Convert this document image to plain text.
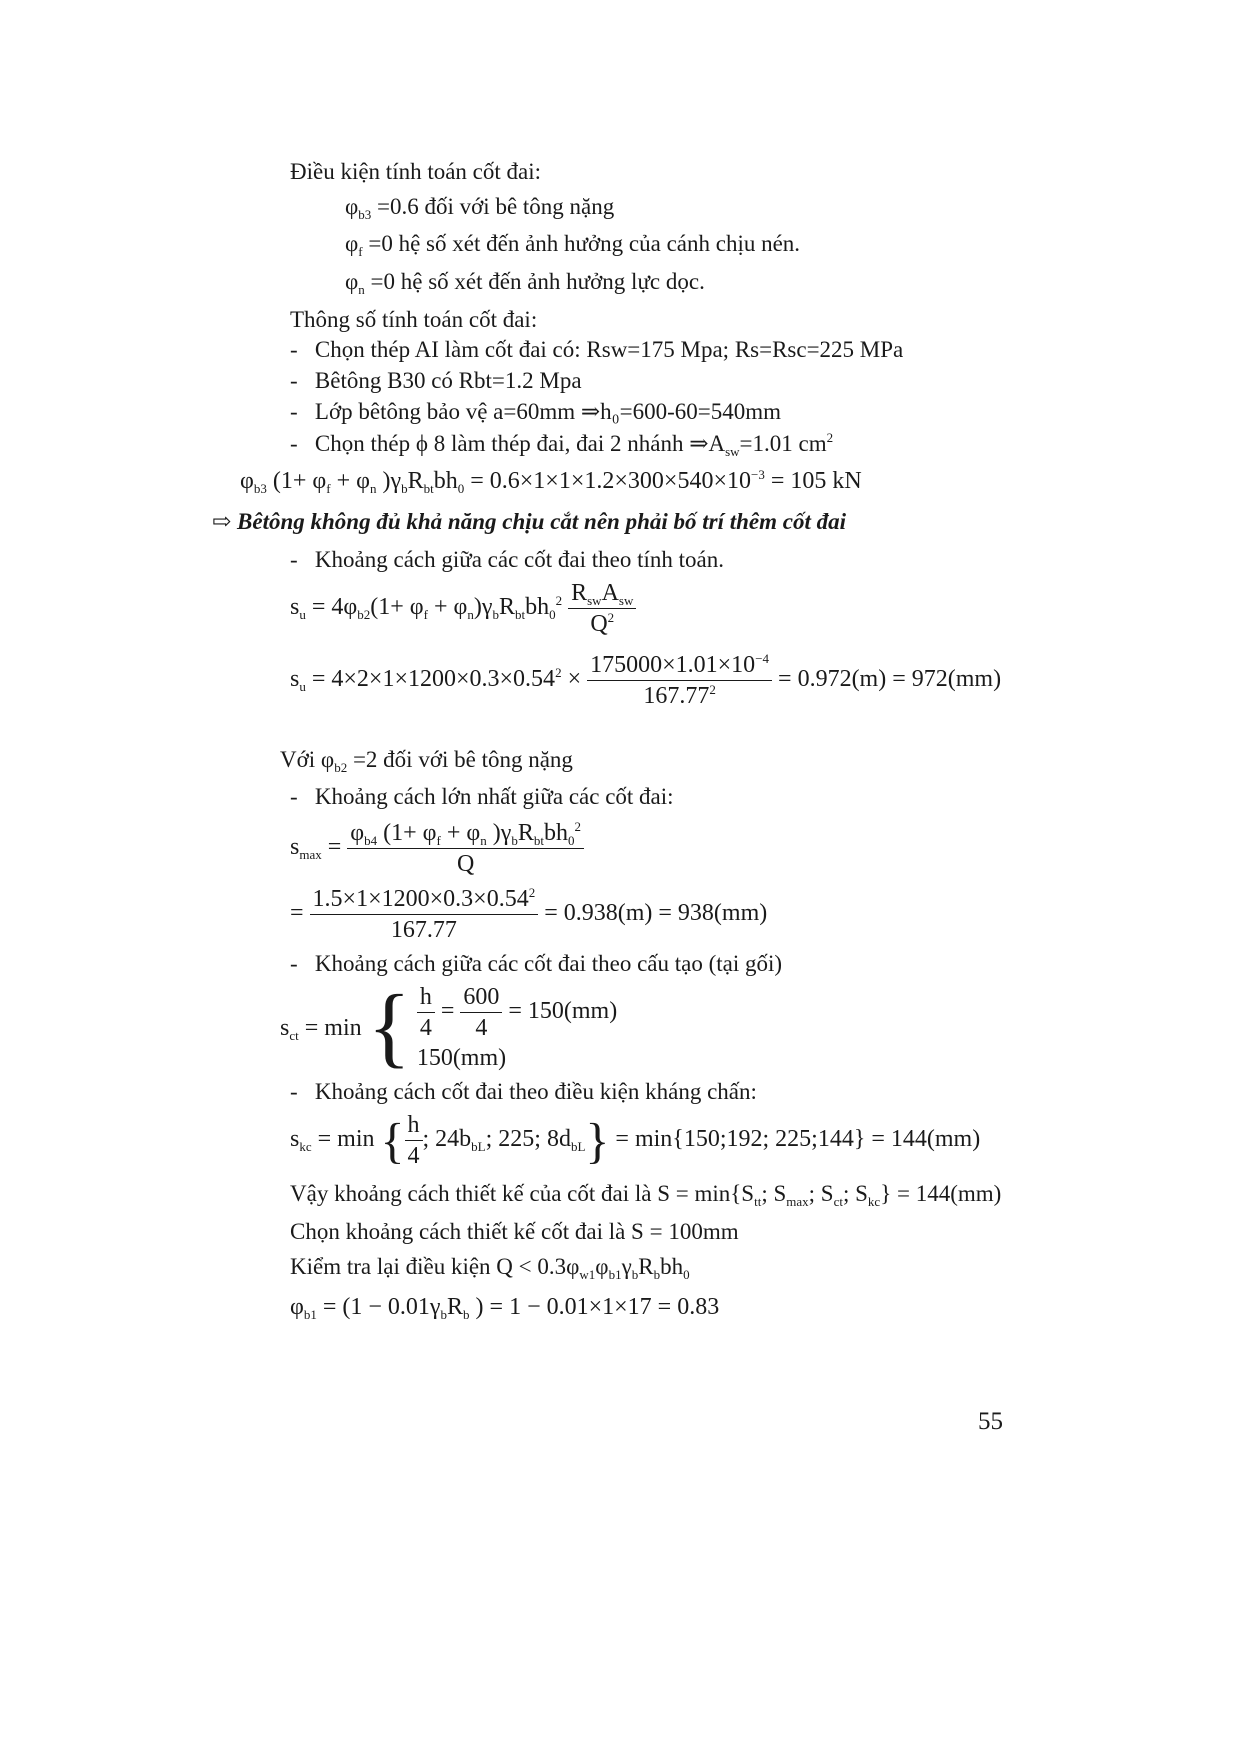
Điều kiện tính toán cốt đai:
$\varphi_{b3} =0.6$ đối với bê tông nặng
$\varphi_f =0$ hệ số xét đến ảnh hưởng của cánh chịu nén.
$\varphi_n =0$ hệ số xét đến ảnh hưởng lực dọc.
Thông số tính toán cốt đai:
-   Chọn thép AI làm cốt đai có: Rsw=175 Mpa; Rs=Rsc=225 MPa
-   Bêtông B30 có Rbt=1.2 Mpa
-   Lớp bêtông bảo vệ a=60mm ⇒h₀=600-60=540mm
-   Chọn thép ϕ 8 làm thép đai, đai 2 nhánh $\Rightarrow A_{sw}=1.01$ $cm^2$
$\varphi_{b3}$ ($1+ \varphi_f + \varphi_n$ )$\gamma_bR_{bt}bh_0 = 0.6\times 1\times 1\times 1.2\times 300\times 540\times 10^{-3} = 105$ kN
⇨ Bêtông không đủ khả năng chịu cắt nên phải bố trí thêm cốt đai
-   Khoảng cách giữa các cốt đai theo tính toán.
$s_u = 4\varphi_{b2}(1+ \varphi_f + \varphi_n)\gamma_bR_{bt}bh_0^2 \frac{R_{sw}A_{sw}}{Q^2}$
$s_u = 4\times 2\times 1\times 1200\times 0.3\times 0.54^2 \times \frac{175000\times 1.01\times 10^{-4}}{167.77^2} = 0.972(m) = 972(mm)$
Với $\varphi_{b2} =2$ đối với bê tông nặng
-   Khoảng cách lớn nhất giữa các cốt đai:
$s_{max} = \frac{\varphi_{b4} (1+ \varphi_f + \varphi_n )\gamma_bR_{bt}bh_0^2}{Q}$
= $\frac{1.5\times 1\times 1200\times 0.3\times 0.54^2}{167.77} = 0.938(m) = 938(mm)$
-   Khoảng cách giữa các cốt đai theo cấu tạo (tại gối)
$s_{ct} = \min$ { $\frac{h}{4} = \frac{600}{4} = 150(mm)$
150(mm)
-   Khoảng cách cốt đai theo điều kiện kháng chấn:
$s_{kc} = \min$ { $\frac{h}{4}$ ; $24b_{bL}$; 225; $8d_{bL}$} = min{150;192; 225;144} = 144(mm)
Vậy khoảng cách thiết kế của cốt đai là $S = \min\{S_{tt}$; $S_{max}$; $S_{ct}$; $S_{kc}\} = 144(mm)$
Chọn khoảng cách thiết kế cốt đai là S = 100mm
Kiểm tra lại điều kiện $Q < 0.3\varphi_{w1}\varphi_{b1}\gamma_bR_bbh_0$
$\varphi_{b1} = (1 - 0.01\gamma_bR_b$ ) = 1 − 0.01×1×17 = 0.83
55
